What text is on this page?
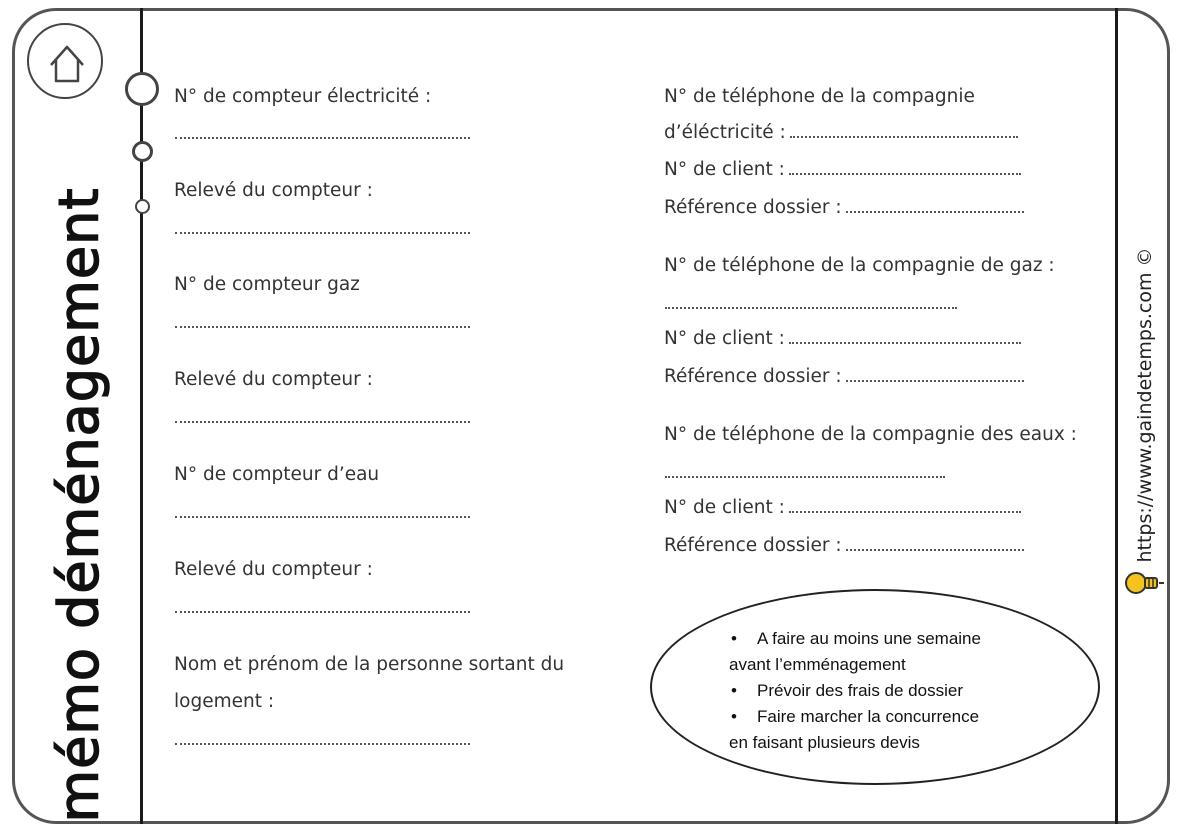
mémo déménagement	https://www.gaindetemps.com ©
N° de compteur électricité :
Relevé du compteur :
N° de compteur gaz
Relevé du compteur :
N° de compteur d’eau
Relevé du compteur :
Nom et prénom de la personne sortant du
logement :
N° de téléphone de la compagnie
d’éléctricité :
N° de client :
Référence dossier :
N° de téléphone de la compagnie de gaz :
N° de client :
Référence dossier :
N° de téléphone de la compagnie des eaux :
N° de client :
Référence dossier :
• A faire au moins une semaine
avant l’emménagement
• Prévoir des frais de dossier
• Faire marcher la concurrence
en faisant plusieurs devis
